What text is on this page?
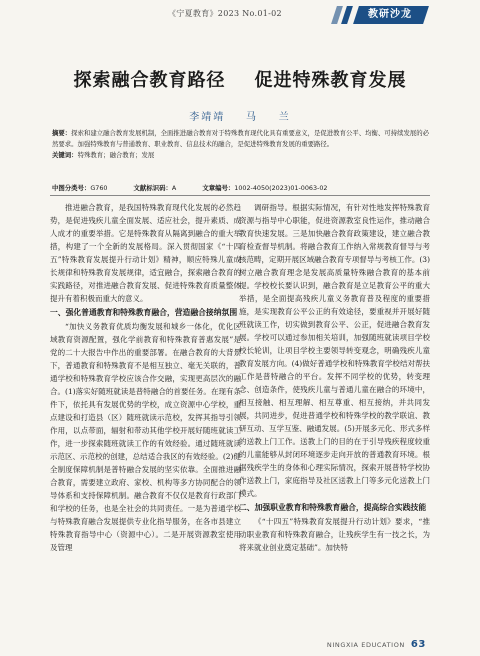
《宁夏教育》2023 No.01-02	教研沙龙
探索融合教育路径    促进特殊教育发展
李靖靖    马    兰
摘要：探索和建立融合教育发展机制，全面推进融合教育对于特殊教育现代化具有重要意义，是促进教育公平、均衡、可持续发展的必然要求。加强特殊教育与普通教育、职业教育、信息技术的融合，是促进特殊教育发展的重要路径。
关键词：特殊教育；融合教育；发展
中图分类号：G760	文献标识码：A	文章编号：1002-4050(2023)01-0063-02

推进融合教育，是我国特殊教育现代化发展的必然趋势，是促进残疾儿童全面发展、适应社会，提升素质、成人成才的重要举措。它是特殊教育从隔离到融合的重大举措，构建了一个全新的发展格局。深入贯彻国家《“十四五”特殊教育发展提升行动计划》精神，顺应特殊儿童成长规律和特殊教育发展规律，适宜融合，探索融合教育的实践路径，对推进融合教育发展、促进特殊教育质量整体提升有着积极而重大的意义。

一、强化普通教育和特殊教育融合，营造融合接纳氛围

“加快义务教育优质均衡发展和城乡一体化，优化区域教育资源配置，强化学前教育和特殊教育普惠发展”是党的二十大报告中作出的重要部署。在融合教育的大背景下，普通教育和特殊教育不是相互独立、毫无关联的，普通学校和特殊教育学校应该合作交融，实现更高层次的融合。(1)落实好随班就读是普特融合的首要任务。在现有条件下，依托具有发展优势的学校，成立资源中心学校，重点建设和打造县（区）随班就读示范校，发挥其指导引领作用，以点带面，辐射和带动其他学校开展好随班就读工作，进一步探索随班就读工作的有效经验。通过随班就读示范区、示范校的创建，总结适合我区的有效经验。(2)健全制度保障机制是普特融合发展的坚实依靠。全面推进融合教育，需要建立政府、家校、机构等多方协同配合的领导体系和支持保障机制。融合教育不仅仅是教育行政部门和学校的任务，也是全社会的共同责任。一是为普通学校与特殊教育融合发展提供专业化指导服务，在各市县建立特殊教育指导中心（资源中心）。二是开展资源教室使用及管理

调研指导。根据实际情况，有针对性地发挥特殊教育资源与指导中心职能，促进资源教室良性运作，推动融合教育快速发展。三是加快融合教育政策建设，建立融合教育检查督导机制。将融合教育工作纳入常规教育督导与考核范畴，定期开展区域融合教育专项督导与考核工作。(3)树立融合教育理念是发展高质量特殊融合教育的基本前提。学校校长要认识到，融合教育是立足教育公平的重大举措，是全面提高残疾儿童义务教育普及程度的重要措施，是实现教育公平公正的有效途径，要重视并开展好随班就读工作，切实做到教育公平、公正，促进融合教育发展。学校可以通过参加相关培训，加强随班就读项目学校校长轮训，让项目学校主要领导转变观念，明确残疾儿童教育发展方向。(4)做好普通学校和特殊教育学校结对帮扶工作是普特融合的平台。发挥不同学校的优势，转变理念、创造条件，使残疾儿童与普通儿童在融合的环境中，相互接触、相互理解、相互尊重、相互接纳，并共同发展，共同进步，促进普通学校和特殊学校的教学联谊、教研互动、互学互鉴、融通发展。(5)开展多元化、形式多样的送教上门工作。送教上门的目的在于引导残疾程度较重的儿童能够从封闭环境逐步走向开放的普通教育环境。根据残疾学生的身体和心理实际情况，探索开展普特学校协作送教上门，家庭指导及社区送教上门等多元化送教上门模式。

二、加强职业教育和特殊教育融合，提高综合实践技能

《“十四五”特殊教育发展提升行动计划》要求，“推动职业教育和特殊教育融合，让残疾学生有一技之长，为将来就业创业奠定基础”。加快特

NINGXIA EDUCATION 63
